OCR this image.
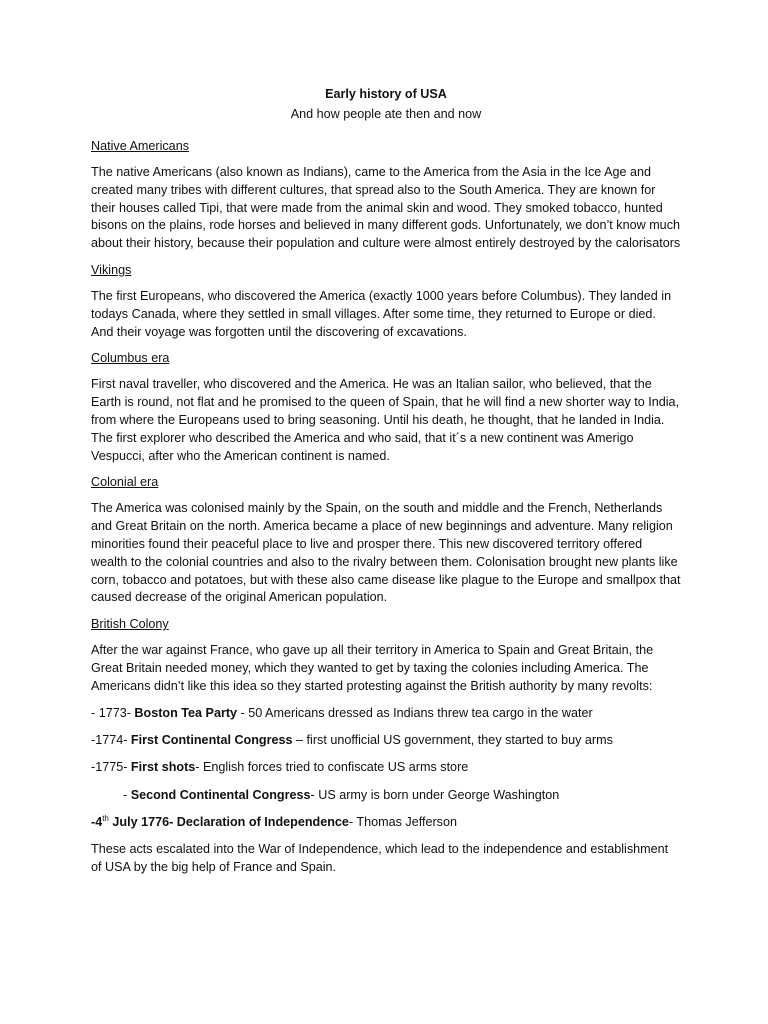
Early history of USA

And how people ate then and now

Native Americans

The native Americans (also known as Indians), came to the America from the Asia in the Ice Age and created many tribes with different cultures, that spread also to the South America. They are known for their houses called Tipi, that were made from the animal skin and wood. They smoked tobacco, hunted bisons on the plains, rode horses and believed in many different gods. Unfortunately, we don’t know much about their history, because their population and culture were almost entirely destroyed by the calorisators

Vikings

The first Europeans, who discovered the America (exactly 1000 years before Columbus). They landed in todays Canada, where they settled in small villages. After some time, they returned to Europe or died. And their voyage was forgotten until the discovering of excavations.

Columbus era

First naval traveller, who discovered and the America. He was an Italian sailor, who believed, that the Earth is round, not flat and he promised to the queen of Spain, that he will find a new shorter way to India, from where the Europeans used to bring seasoning. Until his death, he thought, that he landed in India. The first explorer who described the America and who said, that it´s a new continent was Amerigo Vespucci, after who the American continent is named.

Colonial era

The America was colonised mainly by the Spain, on the south and middle and the French, Netherlands and Great Britain on the north. America became a place of new beginnings and adventure. Many religion minorities found their peaceful place to live and prosper there. This new discovered territory offered wealth to the colonial countries and also to the rivalry between them. Colonisation brought new plants like corn, tobacco and potatoes, but with these also came disease like plague to the Europe and smallpox that caused decrease of the original American population.

British Colony

After the war against France, who gave up all their territory in America to Spain and Great Britain, the Great Britain needed money, which they wanted to get by taxing the colonies including America. The Americans didn’t like this idea so they started protesting against the British authority by many revolts:

- 1773- Boston Tea Party - 50 Americans dressed as Indians threw tea cargo in the water

-1774- First Continental Congress – first unofficial US government, they started to buy arms

-1775- First shots- English forces tried to confiscate US arms store

- Second Continental Congress- US army is born under George Washington

-4th July 1776- Declaration of Independence- Thomas Jefferson

These acts escalated into the War of Independence, which lead to the independence and establishment of USA by the big help of France and Spain.
